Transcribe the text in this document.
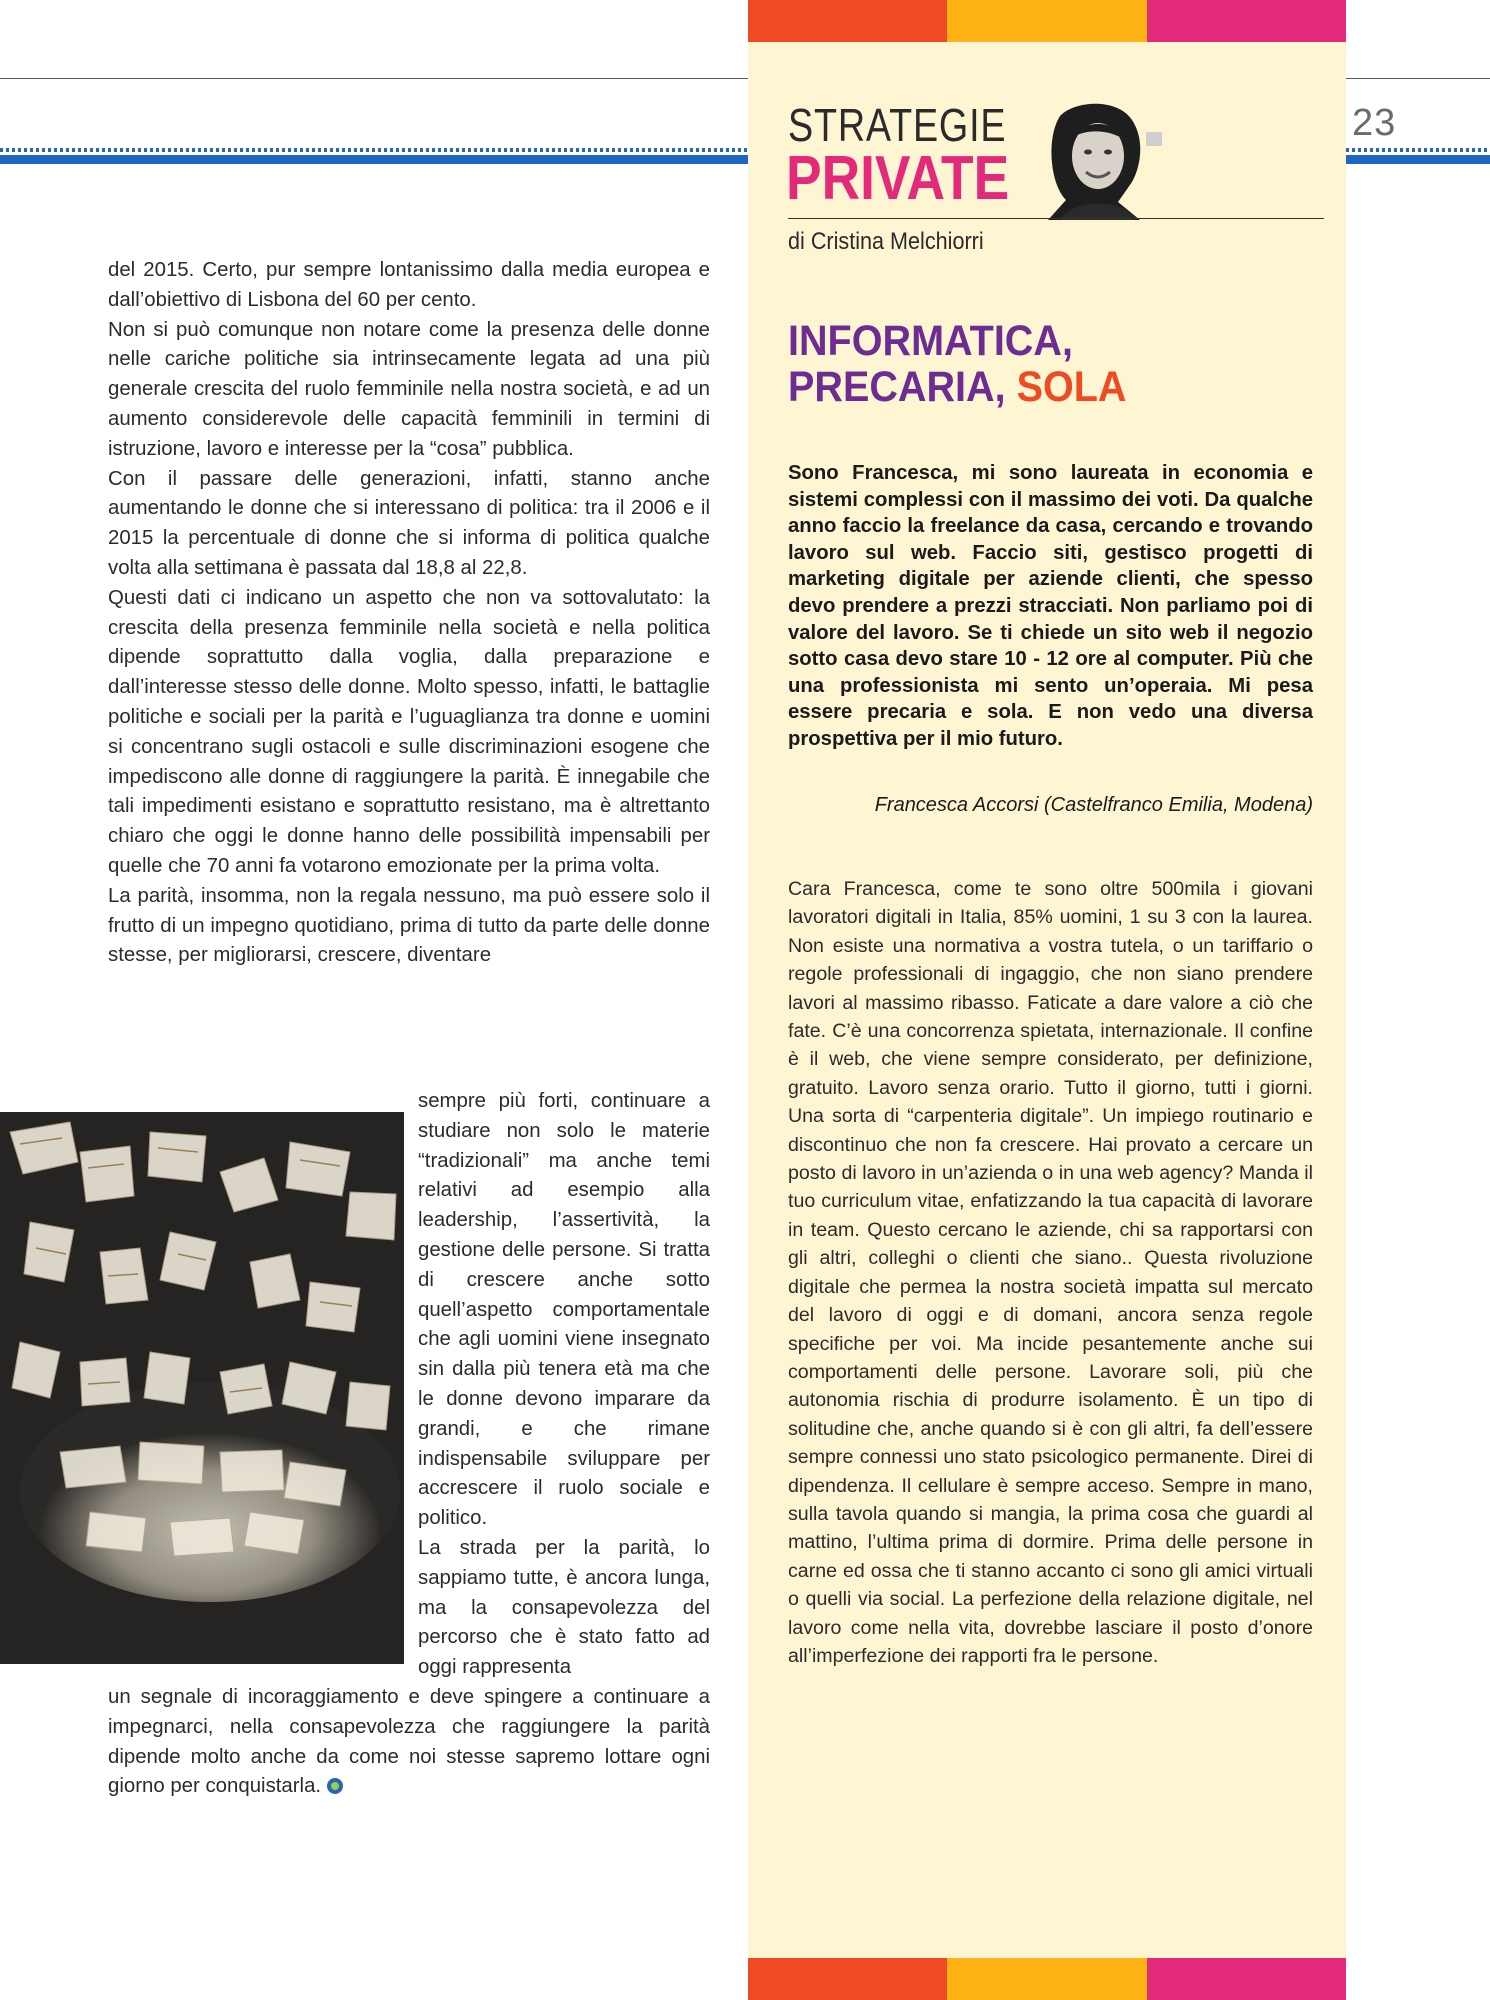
23
STRATEGIE
PRIVATE
di Cristina Melchiorri
INFORMATICA,
PRECARIA, SOLA

Sono Francesca, mi sono laureata in economia e sistemi complessi con il massimo dei voti. Da qualche anno faccio la freelance da casa, cercando e trovando lavoro sul web. Faccio siti, gestisco progetti di marketing digitale per aziende clienti, che spesso devo prendere a prezzi stracciati. Non parliamo poi di valore del lavoro. Se ti chiede un sito web il negozio sotto casa devo stare 10 - 12 ore al computer. Più che una professionista mi sento un’operaia. Mi pesa essere precaria e sola. E non vedo una diversa prospettiva per il mio futuro.

Francesca Accorsi (Castelfranco Emilia, Modena)

Cara Francesca, come te sono oltre 500mila i giovani lavoratori digitali in Italia, 85% uomini, 1 su 3 con la laurea. Non esiste una normativa a vostra tutela, o un tariffario o regole professionali di ingaggio, che non siano prendere lavori al massimo ribasso. Faticate a dare valore a ciò che fate. C’è una concorrenza spietata, internazionale. Il confine è il web, che viene sempre considerato, per definizione, gratuito. Lavoro senza orario. Tutto il giorno, tutti i giorni. Una sorta di “carpenteria digitale”. Un impiego routinario e discontinuo che non fa crescere. Hai provato a cercare un posto di lavoro in un’azienda o in una web agency? Manda il tuo curriculum vitae, enfatizzando la tua capacità di lavorare in team. Questo cercano le aziende, chi sa rapportarsi con gli altri, colleghi o clienti che siano.. Questa rivoluzione digitale che permea la nostra società impatta sul mercato del lavoro di oggi e di domani, ancora senza regole specifiche per voi. Ma incide pesantemente anche sui comportamenti delle persone. Lavorare soli, più che autonomia rischia di produrre isolamento. È un tipo di solitudine che, anche quando si è con gli altri, fa dell’essere sempre connessi uno stato psicologico permanente. Direi di dipendenza. Il cellulare è sempre acceso. Sempre in mano, sulla tavola quando si mangia, la prima cosa che guardi al mattino, l’ultima prima di dormire. Prima delle persone in carne ed ossa che ti stanno accanto ci sono gli amici virtuali o quelli via social. La perfezione della relazione digitale, nel lavoro come nella vita, dovrebbe lasciare il posto d’onore all’imperfezione dei rapporti fra le persone.

del 2015. Certo, pur sempre lontanissimo dalla media europea e dall’obiettivo di Lisbona del 60 per cento.

Non si può comunque non notare come la presenza delle donne nelle cariche politiche sia intrinsecamente legata ad una più generale crescita del ruolo femminile nella nostra società, e ad un aumento considerevole delle capacità femminili in termini di istruzione, lavoro e interesse per la “cosa” pubblica.

Con il passare delle generazioni, infatti, stanno anche aumentando le donne che si interessano di politica: tra il 2006 e il 2015 la percentuale di donne che si informa di politica qualche volta alla settimana è passata dal 18,8 al 22,8.

Questi dati ci indicano un aspetto che non va sottovalutato: la crescita della presenza femminile nella società e nella politica dipende soprattutto dalla voglia, dalla preparazione e dall’interesse stesso delle donne. Molto spesso, infatti, le battaglie politiche e sociali per la parità e l’uguaglianza tra donne e uomini si concentrano sugli ostacoli e sulle discriminazioni esogene che impediscono alle donne di raggiungere la parità. È innegabile che tali impedimenti esistano e soprattutto resistano, ma è altrettanto chiaro che oggi le donne hanno delle possibilità impensabili per quelle che 70 anni fa votarono emozionate per la prima volta.

La parità, insomma, non la regala nessuno, ma può essere solo il frutto di un impegno quotidiano, prima di tutto da parte delle donne stesse, per migliorarsi, crescere, diventare

sempre più forti, continuare a studiare non solo le materie “tradizionali” ma anche temi relativi ad esempio alla leadership, l’assertività, la gestione delle persone. Si tratta di crescere anche sotto quell’aspetto comportamentale che agli uomini viene insegnato sin dalla più tenera età ma che le donne devono imparare da grandi, e che rimane indispensabile sviluppare per accrescere il ruolo sociale e politico.
La strada per la parità, lo sappiamo tutte, è ancora lunga, ma la consapevolezza del percorso che è stato fatto ad oggi rappresenta

un segnale di incoraggiamento e deve spingere a continuare a impegnarci, nella consapevolezza che raggiungere la parità dipende molto anche da come noi stesse sapremo lottare ogni giorno per conquistarla.
